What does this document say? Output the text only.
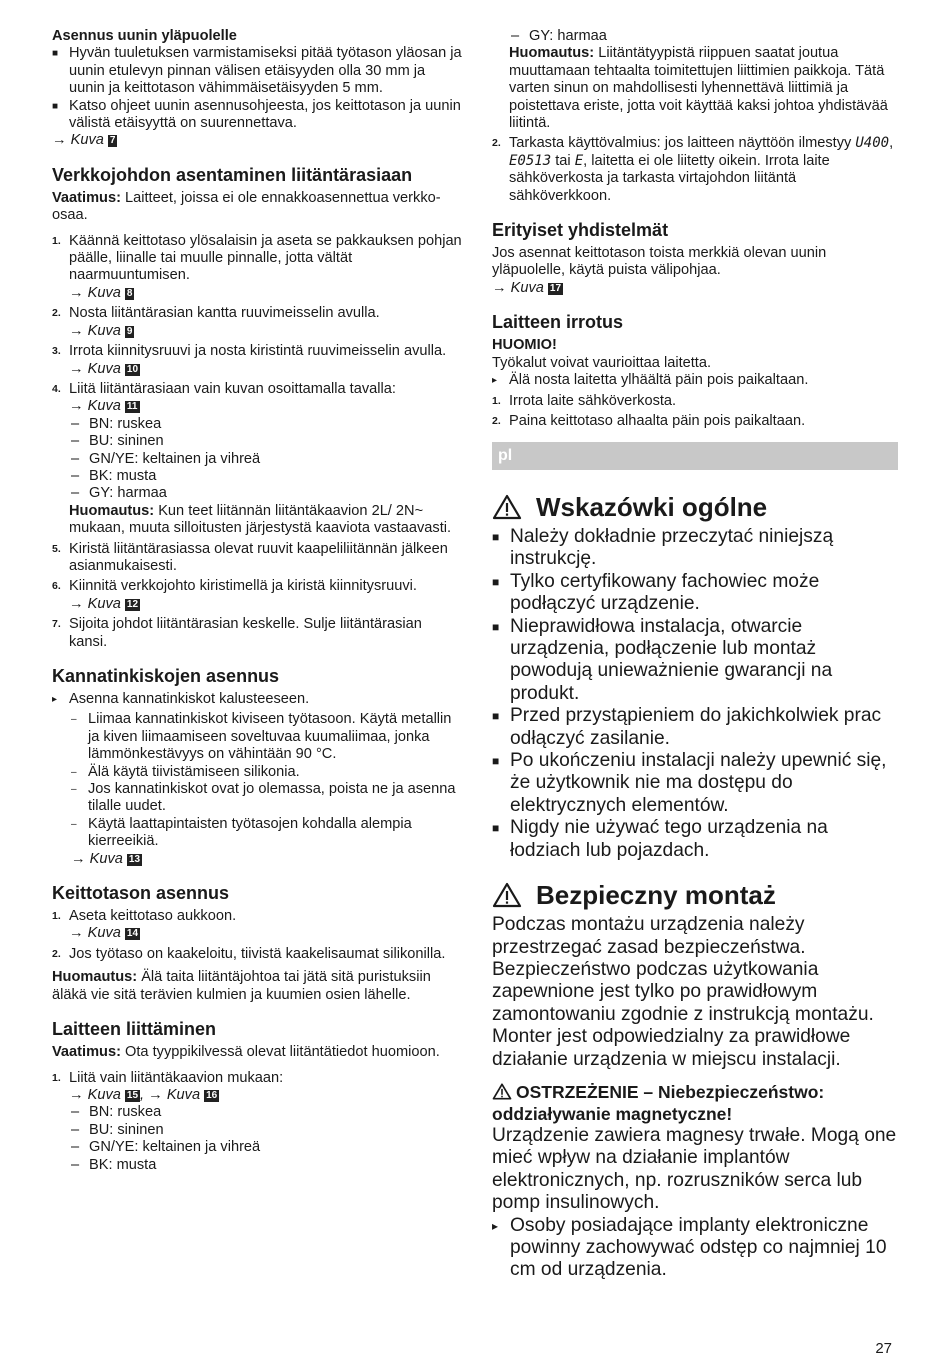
Asennus uunin yläpuolelle

■ Hyvän tuuletuksen varmistamiseksi pitää työtason yläosan ja uunin etulevyn pinnan välisen etäisyyden olla 30 mm ja uunin ja keittotason vähimmäisetäisyyden 5 mm.
■ Katso ohjeet uunin asennusohjeesta, jos keittotason ja uunin välistä etäisyyttä on suurennettava.

→ Kuva 7

Verkkojohdon asentaminen liitäntärasiaan

Vaatimus: Laitteet, joissa ei ole ennakkoasennettua verkko-osaa.

1. Käännä keittotaso ylösalaisin ja aseta se pakkauksen pohjan päälle, liinalle tai muulle pinnalle, jotta vältät naarmuuntumisen.
→ Kuva 8
2. Nosta liitäntärasian kantta ruuvimeisselin avulla.
→ Kuva 9
3. Irrota kiinnitysruuvi ja nosta kiristintä ruuvimeisselin avulla.
→ Kuva 10
4. Liitä liitäntärasiaan vain kuvan osoittamalla tavalla:
→ Kuva 11
– BN: ruskea
– BU: sininen
– GN/YE: keltainen ja vihreä
– BK: musta
– GY: harmaa
Huomautus: Kun teet liitännän liitäntäkaavion 2L/ 2N~ mukaan, muuta silloitusten järjestystä kaaviota vastaavasti.
5. Kiristä liitäntärasiassa olevat ruuvit kaapeliliitännän jälkeen asianmukaisesti.
6. Kiinnitä verkkojohto kiristimellä ja kiristä kiinnitysruuvi.
→ Kuva 12
7. Sijoita johdot liitäntärasian keskelle. Sulje liitäntärasian kansi.

Kannatinkiskojen asennus

▸ Asenna kannatinkiskot kalusteeseen.
– Liimaa kannatinkiskot kiviseen työtasoon. Käytä metallin ja kiven liimaamiseen soveltuvaa kuumaliimaa, jonka lämmönkestävyys on vähintään 90 °C.
– Älä käytä tiivistämiseen silikonia.
– Jos kannatinkiskot ovat jo olemassa, poista ne ja asenna tilalle uudet.
– Käytä laattapintaisten työtasojen kohdalla alempia kierreeikiä.
→ Kuva 13

Keittotason asennus

1. Aseta keittotaso aukkoon.
→ Kuva 14
2. Jos työtaso on kaakeloitu, tiivistä kaakelisaumat silikonilla.

Huomautus: Älä taita liitäntäjohtoa tai jätä sitä puristuksiin äläkä vie sitä terävien kulmien ja kuumien osien lähelle.

Laitteen liittäminen

Vaatimus: Ota tyyppikilvessä olevat liitäntätiedot huomioon.

1. Liitä vain liitäntäkaavion mukaan:
→ Kuva 15 , → Kuva 16
– BN: ruskea
– BU: sininen
– GN/YE: keltainen ja vihreä
– BK: musta
– GY: harmaa

Huomautus: Liitäntätyypistä riippuen saatat joutua muuttamaan tehtaalta toimitettujen liittimien paikkoja. Tätä varten sinun on mahdollisesti lyhennettävä liittimiä ja poistettava eriste, jotta voit käyttää kaksi johtoa yhdistävää liitintä.

2. Tarkasta käyttövalmius: jos laitteen näyttöön ilmestyy U400, E0513 tai E, laitetta ei ole liitetty oikein. Irrota laite sähköverkosta ja tarkasta virtajohdon liitäntä sähköverkkoon.

Erityiset yhdistelmät

Jos asennat keittotason toista merkkiä olevan uunin yläpuolelle, käytä puista välipohjaa.

→ Kuva 17

Laitteen irrotus

HUOMIO!

Työkalut voivat vaurioittaa laitetta.

▸ Älä nosta laitetta ylhäältä päin pois paikaltaan.
1. Irrota laite sähköverkosta.
2. Paina keittotaso alhaalta päin pois paikaltaan.
pl
Wskazówki ogólne
■ Należy dokładnie przeczytać niniejszą instrukcję.
■ Tylko certyfikowany fachowiec może podłączyć urządzenie.
■ Nieprawidłowa instalacja, otwarcie urządzenia, podłączenie lub montaż powodują unieważnienie gwarancji na produkt.
■ Przed przystąpieniem do jakichkolwiek prac odłączyć zasilanie.
■ Po ukończeniu instalacji należy upewnić się, że użytkownik nie ma dostępu do elektrycznych elementów.
■ Nigdy nie używać tego urządzenia na łodziach lub pojazdach.
Bezpieczny montaż

Podczas montażu urządzenia należy przestrzegać zasad bezpieczeństwa. Bezpieczeństwo podczas użytkowania zapewnione jest tylko po prawidłowym zamontowaniu zgodnie z instrukcją montażu. Monter jest odpowiedzialny za prawidłowe działanie urządzenia w miejscu instalacji.

OSTRZEŻENIE – Niebezpieczeństwo: oddziaływanie magnetyczne!

Urządzenie zawiera magnesy trwałe. Mogą one mieć wpływ na działanie implantów elektronicznych, np. rozruszników serca lub pomp insulinowych.

▸ Osoby posiadające implanty elektroniczne powinny zachowywać odstęp co najmniej 10 cm od urządzenia.
27
